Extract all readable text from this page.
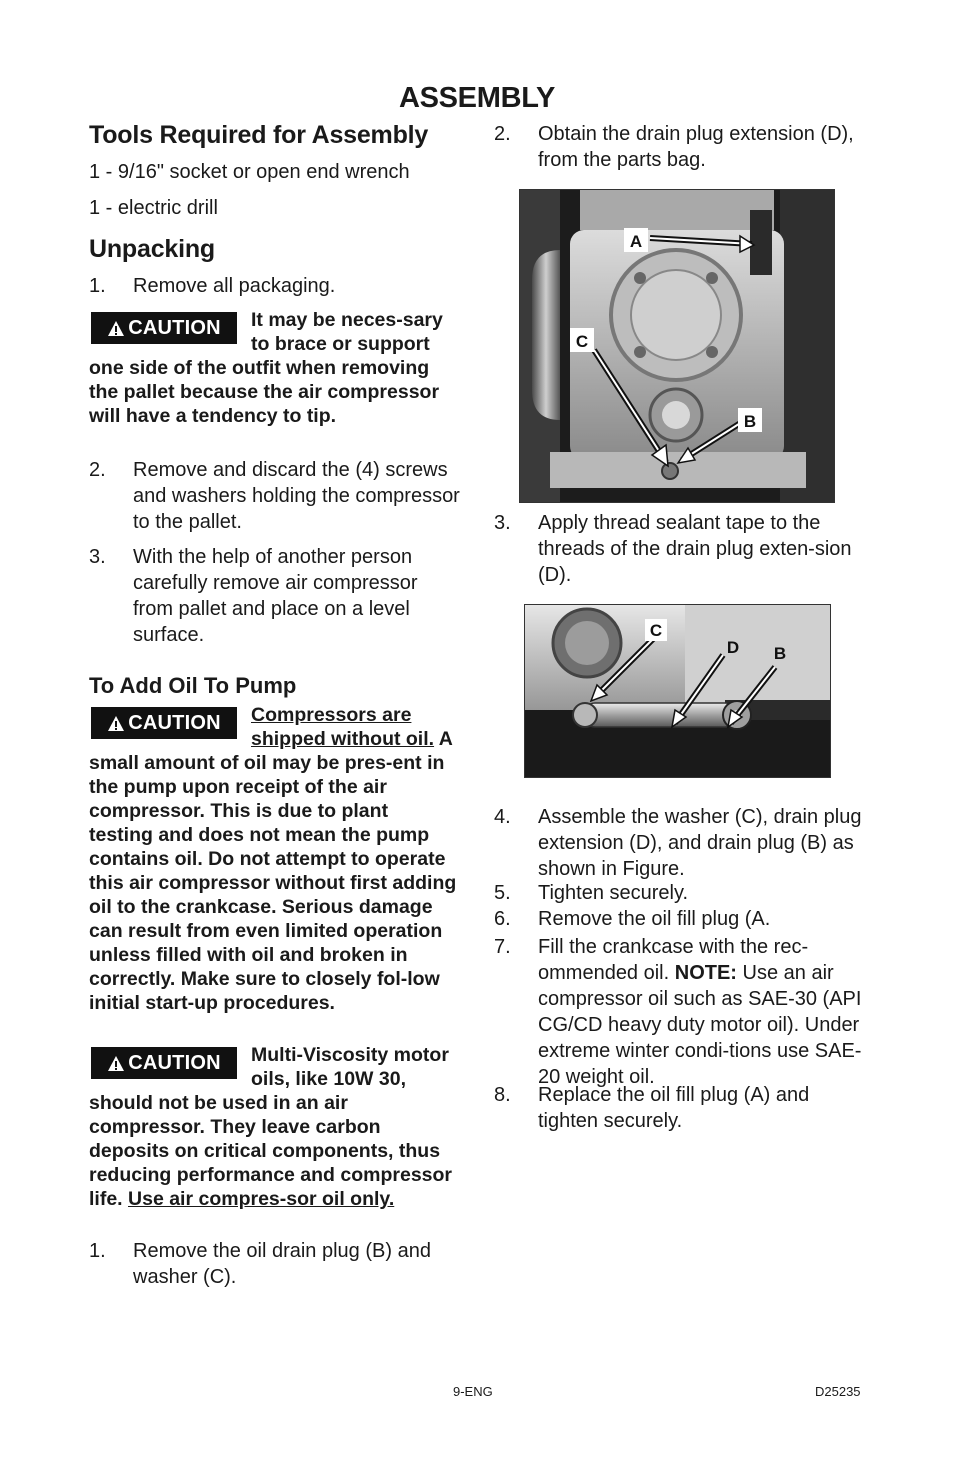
ASSEMBLY
Tools Required for Assembly
1 - 9/16" socket or open end wrench
1 - electric drill
Unpacking
1. Remove all packaging.
CAUTION It may be neces-sary to brace or support one side of the outfit when removing the pallet because the air compressor will have a tendency to tip.
2. Remove and discard the (4) screws and washers holding the compressor to the pallet.
3. With the help of another person carefully remove air compressor from pallet and place on a level surface.
To Add Oil To Pump
CAUTION Compressors are shipped without oil. A small amount of oil may be pres-ent in the pump upon receipt of the air compressor. This is due to plant testing and does not mean the pump contains oil. Do not attempt to operate this air compressor without first adding oil to the crankcase. Serious damage can result from even limited operation unless filled with oil and broken in correctly. Make sure to closely fol-low initial start-up procedures.
CAUTION Multi-Viscosity motor oils, like 10W 30, should not be used in an air compressor. They leave carbon deposits on critical components, thus reducing performance and compressor life. Use air compres-sor oil only.
1. Remove the oil drain plug (B) and washer (C).
2. Obtain the drain plug extension (D), from the parts bag.
A
C
B
3. Apply thread sealant tape to the threads of the drain plug exten-sion (D).
C
D B
4. Assemble the washer (C), drain plug extension (D), and drain plug (B) as shown in Figure.
5. Tighten securely.
6. Remove the oil fill plug (A.
7. Fill the crankcase with the rec-ommended oil. NOTE: Use an air compressor oil such as SAE-30 (API CG/CD heavy duty motor oil). Under extreme winter condi-tions use SAE-20 weight oil.
8. Replace the oil fill plug (A) and tighten securely.
9-ENG	D25235
